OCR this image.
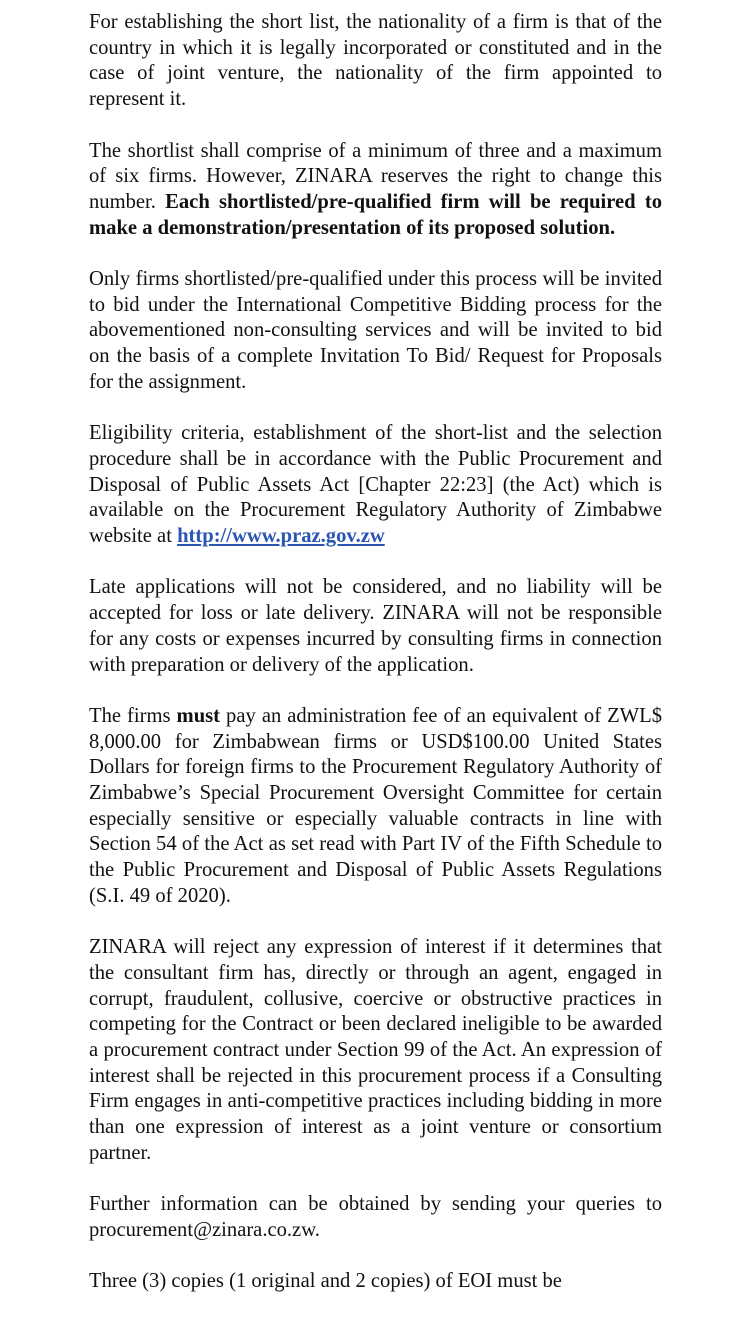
For establishing the short list, the nationality of a firm is that of the country in which it is legally incorporated or constituted and in the case of joint venture, the nationality of the firm appointed to represent it.

The shortlist shall comprise of a minimum of three and a maximum of six firms. However, ZINARA reserves the right to change this number. Each shortlisted/pre-qualified firm will be required to make a demonstration/presentation of its proposed solution.

Only firms shortlisted/pre-qualified under this process will be invited to bid under the International Competitive Bidding process for the abovementioned non-consulting services and will be invited to bid on the basis of a complete Invitation To Bid/ Request for Proposals for the assignment.

Eligibility criteria, establishment of the short-list and the selection procedure shall be in accordance with the Public Procurement and Disposal of Public Assets Act [Chapter 22:23] (the Act) which is available on the Procurement Regulatory Authority of Zimbabwe website at http://www.praz.gov.zw

Late applications will not be considered, and no liability will be accepted for loss or late delivery. ZINARA will not be responsible for any costs or expenses incurred by consulting firms in connection with preparation or delivery of the application.

The firms must pay an administration fee of an equivalent of ZWL$ 8,000.00 for Zimbabwean firms or USD$100.00 United States Dollars for foreign firms to the Procurement Regulatory Authority of Zimbabwe’s Special Procurement Oversight Committee for certain especially sensitive or especially valuable contracts in line with Section 54 of the Act as set read with Part IV of the Fifth Schedule to the Public Procurement and Disposal of Public Assets Regulations (S.I. 49 of 2020).

ZINARA will reject any expression of interest if it determines that the consultant firm has, directly or through an agent, engaged in corrupt, fraudulent, collusive, coercive or obstructive practices in competing for the Contract or been declared ineligible to be awarded a procurement contract under Section 99 of the Act. An expression of interest shall be rejected in this procurement process if a Consulting Firm engages in anti-competitive practices including bidding in more than one expression of interest as a joint venture or consortium partner.

Further information can be obtained by sending your queries to procurement@zinara.co.zw.

Three (3) copies (1 original and 2 copies) of EOI must be
